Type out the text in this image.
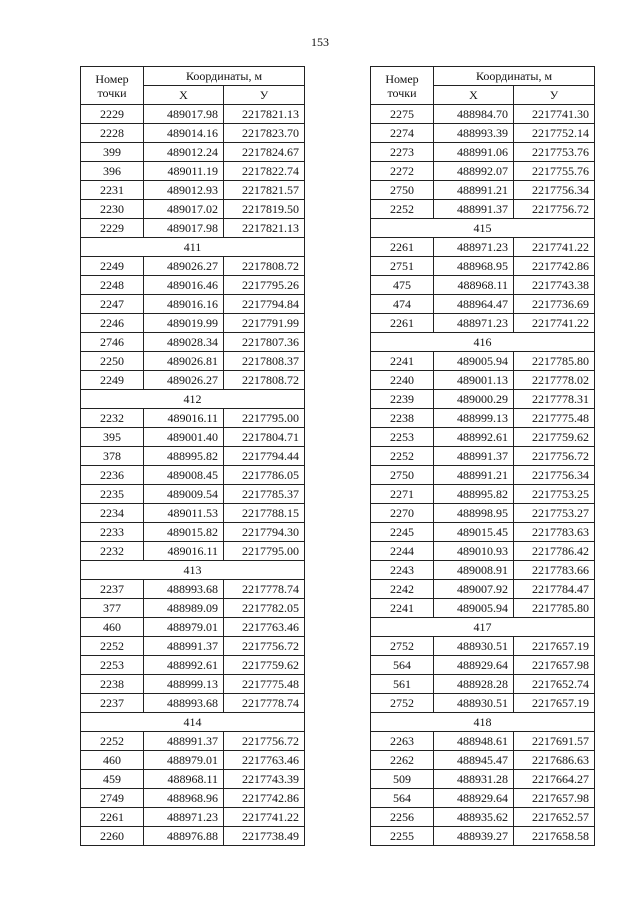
153
Номер
точки	Координаты, м	
	X	У
2229	489017.98	2217821.13
2228	489014.16	2217823.70
399	489012.24	2217824.67
396	489011.19	2217822.74
2231	489012.93	2217821.57
2230	489017.02	2217819.50
2229	489017.98	2217821.13
411		
2249	489026.27	2217808.72
2248	489016.46	2217795.26
2247	489016.16	2217794.84
2246	489019.99	2217791.99
2746	489028.34	2217807.36
2250	489026.81	2217808.37
2249	489026.27	2217808.72
412		
2232	489016.11	2217795.00
395	489001.40	2217804.71
378	488995.82	2217794.44
2236	489008.45	2217786.05
2235	489009.54	2217785.37
2234	489011.53	2217788.15
2233	489015.82	2217794.30
2232	489016.11	2217795.00
413		
2237	488993.68	2217778.74
377	488989.09	2217782.05
460	488979.01	2217763.46
2252	488991.37	2217756.72
2253	488992.61	2217759.62
2238	488999.13	2217775.48
2237	488993.68	2217778.74
414		
2252	488991.37	2217756.72
460	488979.01	2217763.46
459	488968.11	2217743.39
2749	488968.96	2217742.86
2261	488971.23	2217741.22
2260	488976.88	2217738.49
Номер
точки	Координаты, м	
	X	У
2275	488984.70	2217741.30
2274	488993.39	2217752.14
2273	488991.06	2217753.76
2272	488992.07	2217755.76
2750	488991.21	2217756.34
2252	488991.37	2217756.72
415		
2261	488971.23	2217741.22
2751	488968.95	2217742.86
475	488968.11	2217743.38
474	488964.47	2217736.69
2261	488971.23	2217741.22
416		
2241	489005.94	2217785.80
2240	489001.13	2217778.02
2239	489000.29	2217778.31
2238	488999.13	2217775.48
2253	488992.61	2217759.62
2252	488991.37	2217756.72
2750	488991.21	2217756.34
2271	488995.82	2217753.25
2270	488998.95	2217753.27
2245	489015.45	2217783.63
2244	489010.93	2217786.42
2243	489008.91	2217783.66
2242	489007.92	2217784.47
2241	489005.94	2217785.80
417		
2752	488930.51	2217657.19
564	488929.64	2217657.98
561	488928.28	2217652.74
2752	488930.51	2217657.19
418		
2263	488948.61	2217691.57
2262	488945.47	2217686.63
509	488931.28	2217664.27
564	488929.64	2217657.98
2256	488935.62	2217652.57
2255	488939.27	2217658.58
